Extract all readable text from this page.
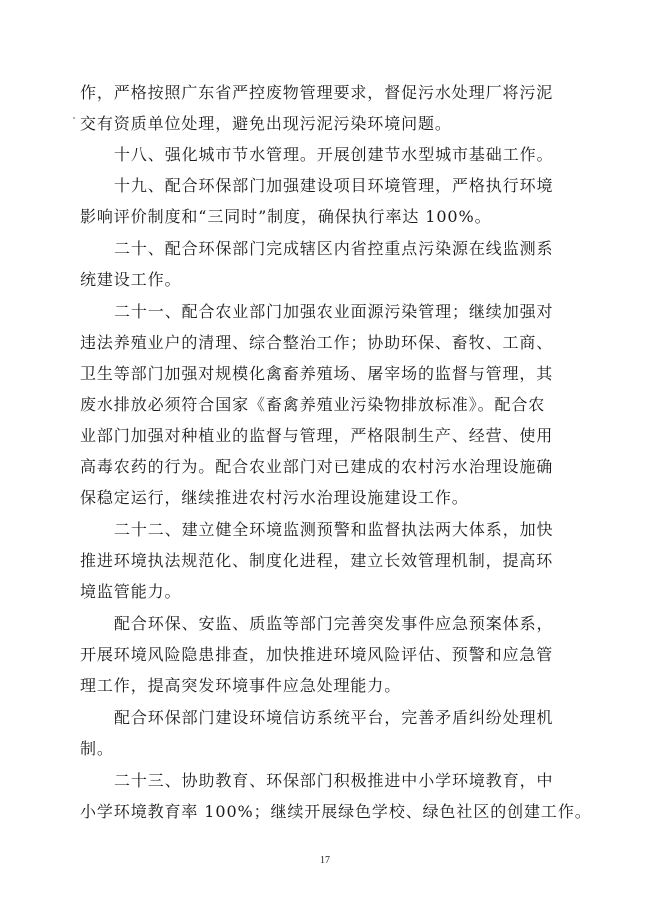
作，严格按照广东省严控废物管理要求，督促污水处理厂将污泥
交有资质单位处理，避免出现污泥污染环境问题。
十八、强化城市节水管理。开展创建节水型城市基础工作。
十九、配合环保部门加强建设项目环境管理，严格执行环境
影响评价制度和“三同时”制度，确保执行率达 100%。
二十、配合环保部门完成辖区内省控重点污染源在线监测系
统建设工作。
二十一、配合农业部门加强农业面源污染管理；继续加强对
违法养殖业户的清理、综合整治工作；协助环保、畜牧、工商、
卫生等部门加强对规模化禽畜养殖场、屠宰场的监督与管理，其
废水排放必须符合国家《畜禽养殖业污染物排放标准》。配合农
业部门加强对种植业的监督与管理，严格限制生产、经营、使用
高毒农药的行为。配合农业部门对已建成的农村污水治理设施确
保稳定运行，继续推进农村污水治理设施建设工作。
二十二、建立健全环境监测预警和监督执法两大体系，加快
推进环境执法规范化、制度化进程，建立长效管理机制，提高环
境监管能力。
配合环保、安监、质监等部门完善突发事件应急预案体系，
开展环境风险隐患排查，加快推进环境风险评估、预警和应急管
理工作，提高突发环境事件应急处理能力。
配合环保部门建设环境信访系统平台，完善矛盾纠纷处理机
制。
二十三、协助教育、环保部门积极推进中小学环境教育，中
小学环境教育率 100%；继续开展绿色学校、绿色社区的创建工作。
17
